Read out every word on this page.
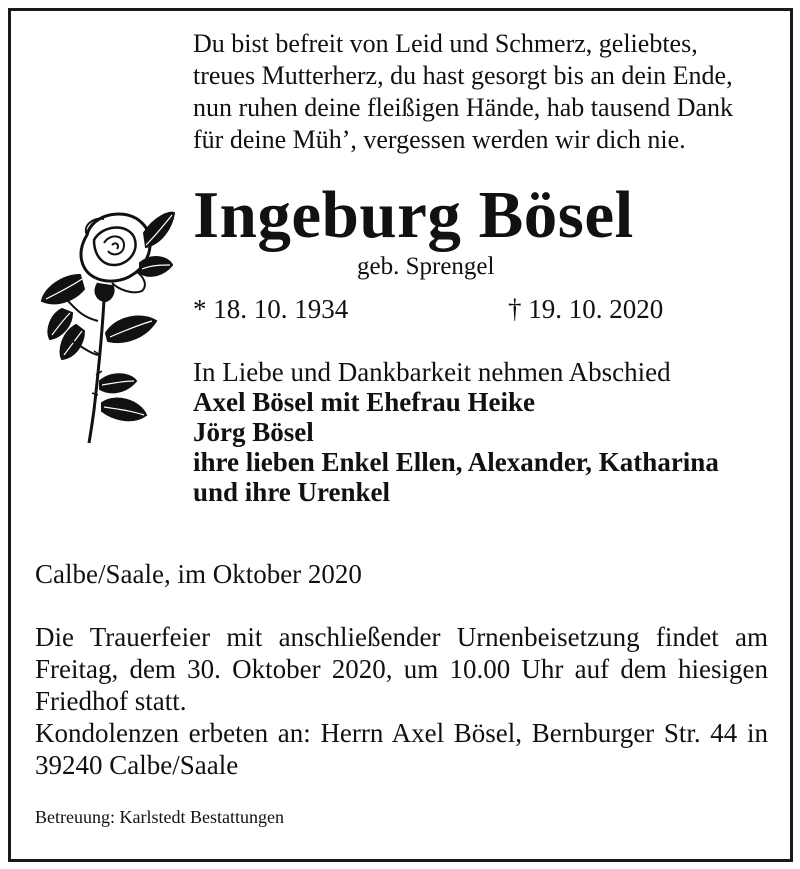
Du bist befreit von Leid und Schmerz, geliebtes,
treues Mutterherz, du hast gesorgt bis an dein Ende,
nun ruhen deine fleißigen Hände, hab tausend Dank
für deine Müh’, vergessen werden wir dich nie.
Ingeburg Bösel
geb. Sprengel
* 18. 10. 1934	† 19. 10. 2020
In Liebe und Dankbarkeit nehmen Abschied
Axel Bösel mit Ehefrau Heike
Jörg Bösel
ihre lieben Enkel Ellen, Alexander, Katharina
und ihre Urenkel
Calbe/Saale, im Oktober 2020
Die Trauerfeier mit anschließender Urnenbeisetzung findet am
Freitag, dem 30. Oktober 2020, um 10.00 Uhr auf dem hiesigen
Friedhof statt.
Kondolenzen erbeten an: Herrn Axel Bösel, Bernburger Str. 44 in
39240 Calbe/Saale
Betreuung: Karlstedt Bestattungen
